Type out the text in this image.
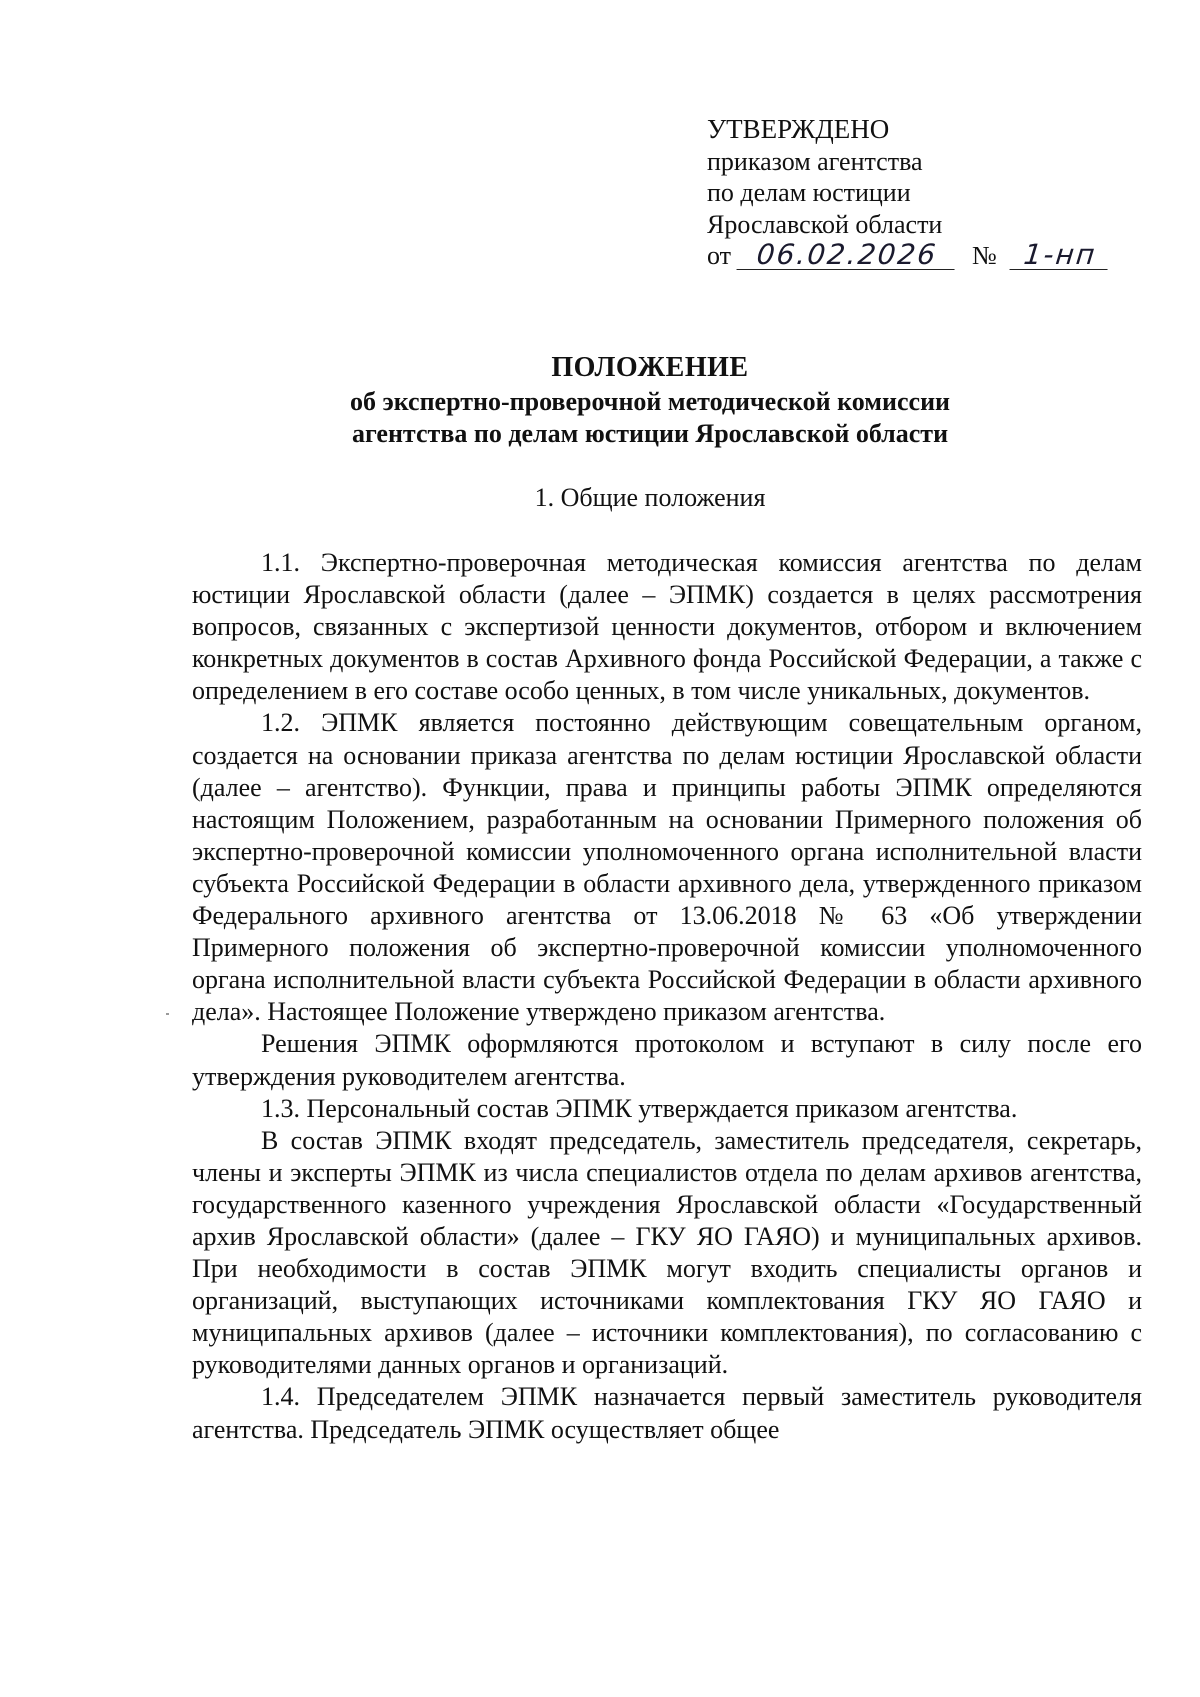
УТВЕРЖДЕНО
приказом агентства
по делам юстиции
Ярославской области
от 06.02.2026 № 1-нп
ПОЛОЖЕНИЕ
об экспертно-проверочной методической комиссии
агентства по делам юстиции Ярославской области
1. Общие положения

1.1. Экспертно-проверочная методическая комиссия агентства по делам юстиции Ярославской области (далее – ЭПМК) создается в целях рассмотрения вопросов, связанных с экспертизой ценности документов, отбором и включением конкретных документов в состав Архивного фонда Российской Федерации, а также с определением в его составе особо ценных, в том числе уникальных, документов.

1.2. ЭПМК является постоянно действующим совещательным органом, создается на основании приказа агентства по делам юстиции Ярославской области (далее – агентство). Функции, права и принципы работы ЭПМК определяются настоящим Положением, разработанным на основании Примерного положения об экспертно-проверочной комиссии уполномоченного органа исполнительной власти субъекта Российской Федерации в области архивного дела, утвержденного приказом Федерального архивного агентства от 13.06.2018 № 63 «Об утверждении Примерного положения об экспертно-проверочной комиссии уполномоченного органа исполнительной власти субъекта Российской Федерации в области архивного дела». Настоящее Положение утверждено приказом агентства.

Решения ЭПМК оформляются протоколом и вступают в силу после его утверждения руководителем агентства.

1.3. Персональный состав ЭПМК утверждается приказом агентства.

В состав ЭПМК входят председатель, заместитель председателя, секретарь, члены и эксперты ЭПМК из числа специалистов отдела по делам архивов агентства, государственного казенного учреждения Ярославской области «Государственный архив Ярославской области» (далее – ГКУ ЯО ГАЯО) и муниципальных архивов. При необходимости в состав ЭПМК могут входить специалисты органов и организаций, выступающих источниками комплектования ГКУ ЯО ГАЯО и муниципальных архивов (далее – источники комплектования), по согласованию с руководителями данных органов и организаций.

1.4. Председателем ЭПМК назначается первый заместитель руководителя агентства. Председатель ЭПМК осуществляет общее
